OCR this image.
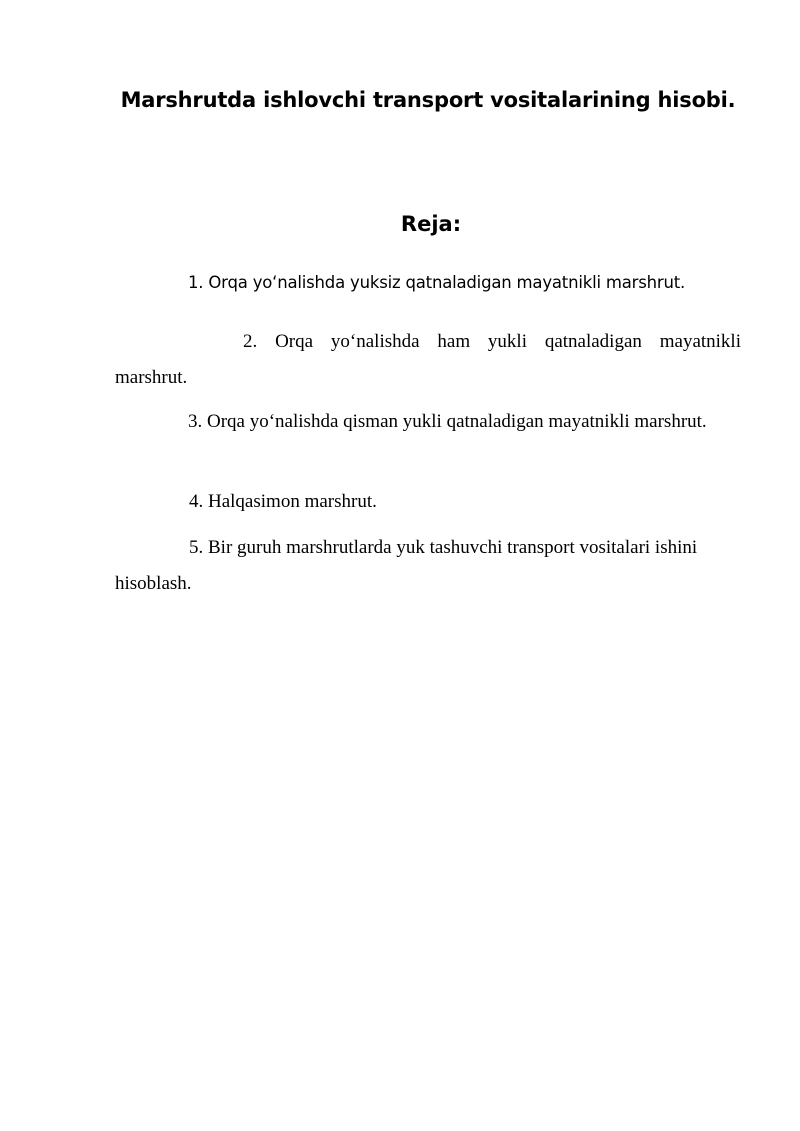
Marshrutda ishlovchi transport vositalarining hisobi.
Reja:

1. Orqa yoʻnalishda yuksiz qatnaladigan mayatnikli marshrut.

2. Orqa yo‘nalishda ham yukli qatnaladigan mayatnikli marshrut.

3. Orqa yo‘nalishda qisman yukli qatnaladigan mayatnikli marshrut.

4. Halqasimon marshrut.

5. Bir guruh marshrutlarda yuk tashuvchi transport vositalari ishini hisoblash.
